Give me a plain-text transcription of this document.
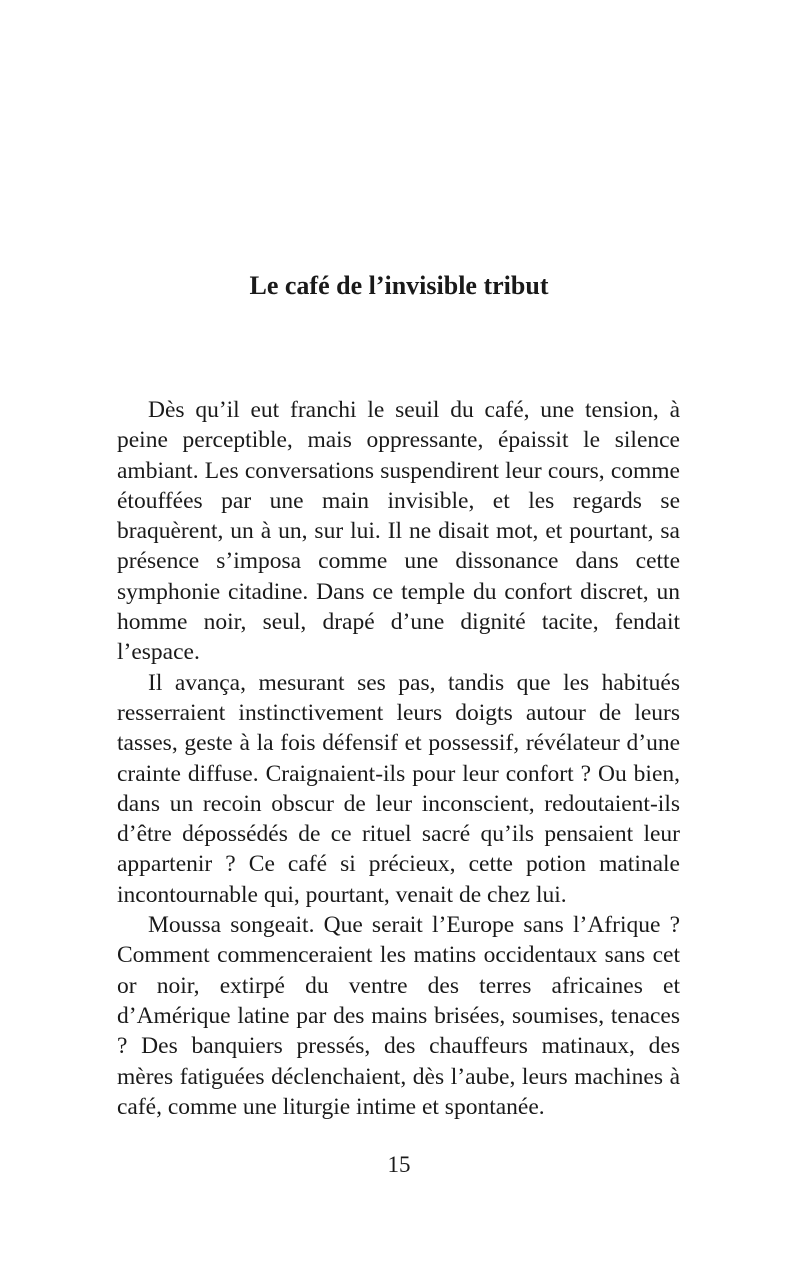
Le café de l’invisible tribut

Dès qu’il eut franchi le seuil du café, une tension, à peine perceptible, mais oppressante, épaissit le silence ambiant. Les conversations suspendirent leur cours, comme étouffées par une main invisible, et les regards se braquèrent, un à un, sur lui. Il ne disait mot, et pourtant, sa présence s’imposa comme une dissonance dans cette symphonie citadine. Dans ce temple du confort discret, un homme noir, seul, drapé d’une dignité tacite, fendait l’espace.

Il avança, mesurant ses pas, tandis que les habitués resserraient instinctivement leurs doigts autour de leurs tasses, geste à la fois défensif et possessif, révélateur d’une crainte diffuse. Craignaient-ils pour leur confort ? Ou bien, dans un recoin obscur de leur inconscient, redoutaient-ils d’être dépossédés de ce rituel sacré qu’ils pensaient leur appartenir ? Ce café si précieux, cette potion matinale incontournable qui, pourtant, venait de chez lui.

Moussa songeait. Que serait l’Europe sans l’Afrique ? Comment commenceraient les matins occidentaux sans cet or noir, extirpé du ventre des terres africaines et d’Amérique latine par des mains brisées, soumises, tenaces ? Des banquiers pressés, des chauffeurs matinaux, des mères fatiguées déclenchaient, dès l’aube, leurs machines à café, comme une liturgie intime et spontanée.

15
